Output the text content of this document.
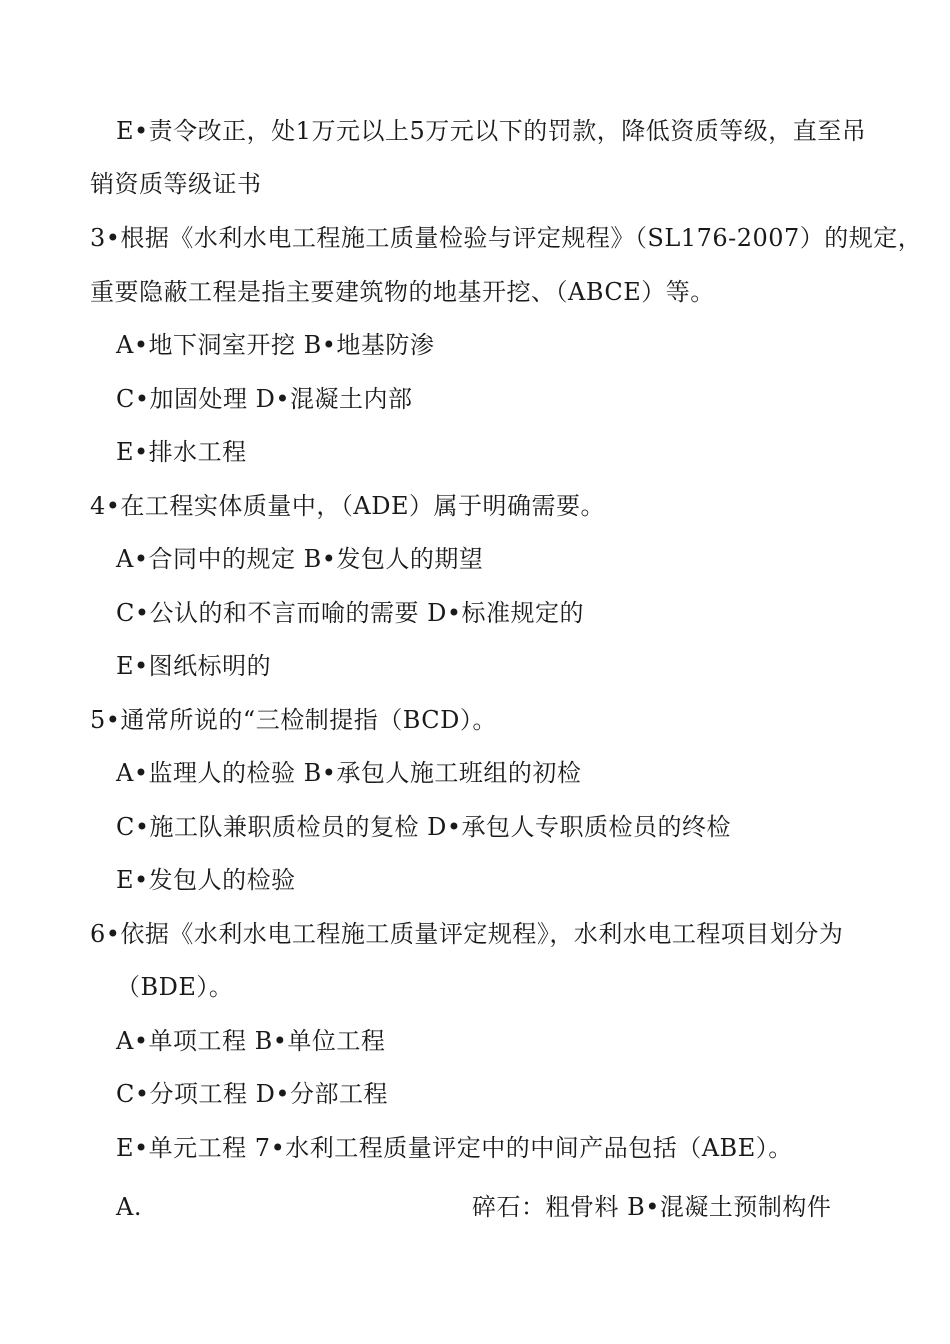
E•责令改正，处1万元以上5万元以下的罚款，降低资质等级，直至吊
销资质等级证书
3•根据《水利水电工程施工质量检验与评定规程》（SL176-2007）的规定，
重要隐蔽工程是指主要建筑物的地基开挖、（ABCE）等。
A•地下洞室开挖 B•地基防渗
C•加固处理 D•混凝土内部
E•排水工程
4•在工程实体质量中，（ADE）属于明确需要。
A•合同中的规定 B•发包人的期望
C•公认的和不言而喻的需要 D•标准规定的
E•图纸标明的
5•通常所说的“三检制提指（BCD）。
A•监理人的检验 B•承包人施工班组的初检
C•施工队兼职质检员的复检 D•承包人专职质检员的终检
E•发包人的检验
6•依据《水利水电工程施工质量评定规程》，水利水电工程项目划分为
（BDE）。
A•单项工程 B•单位工程
C•分项工程 D•分部工程
E•单元工程 7•水利工程质量评定中的中间产品包括（ABE）。
A.	碎石：粗骨料 B•混凝土预制构件
